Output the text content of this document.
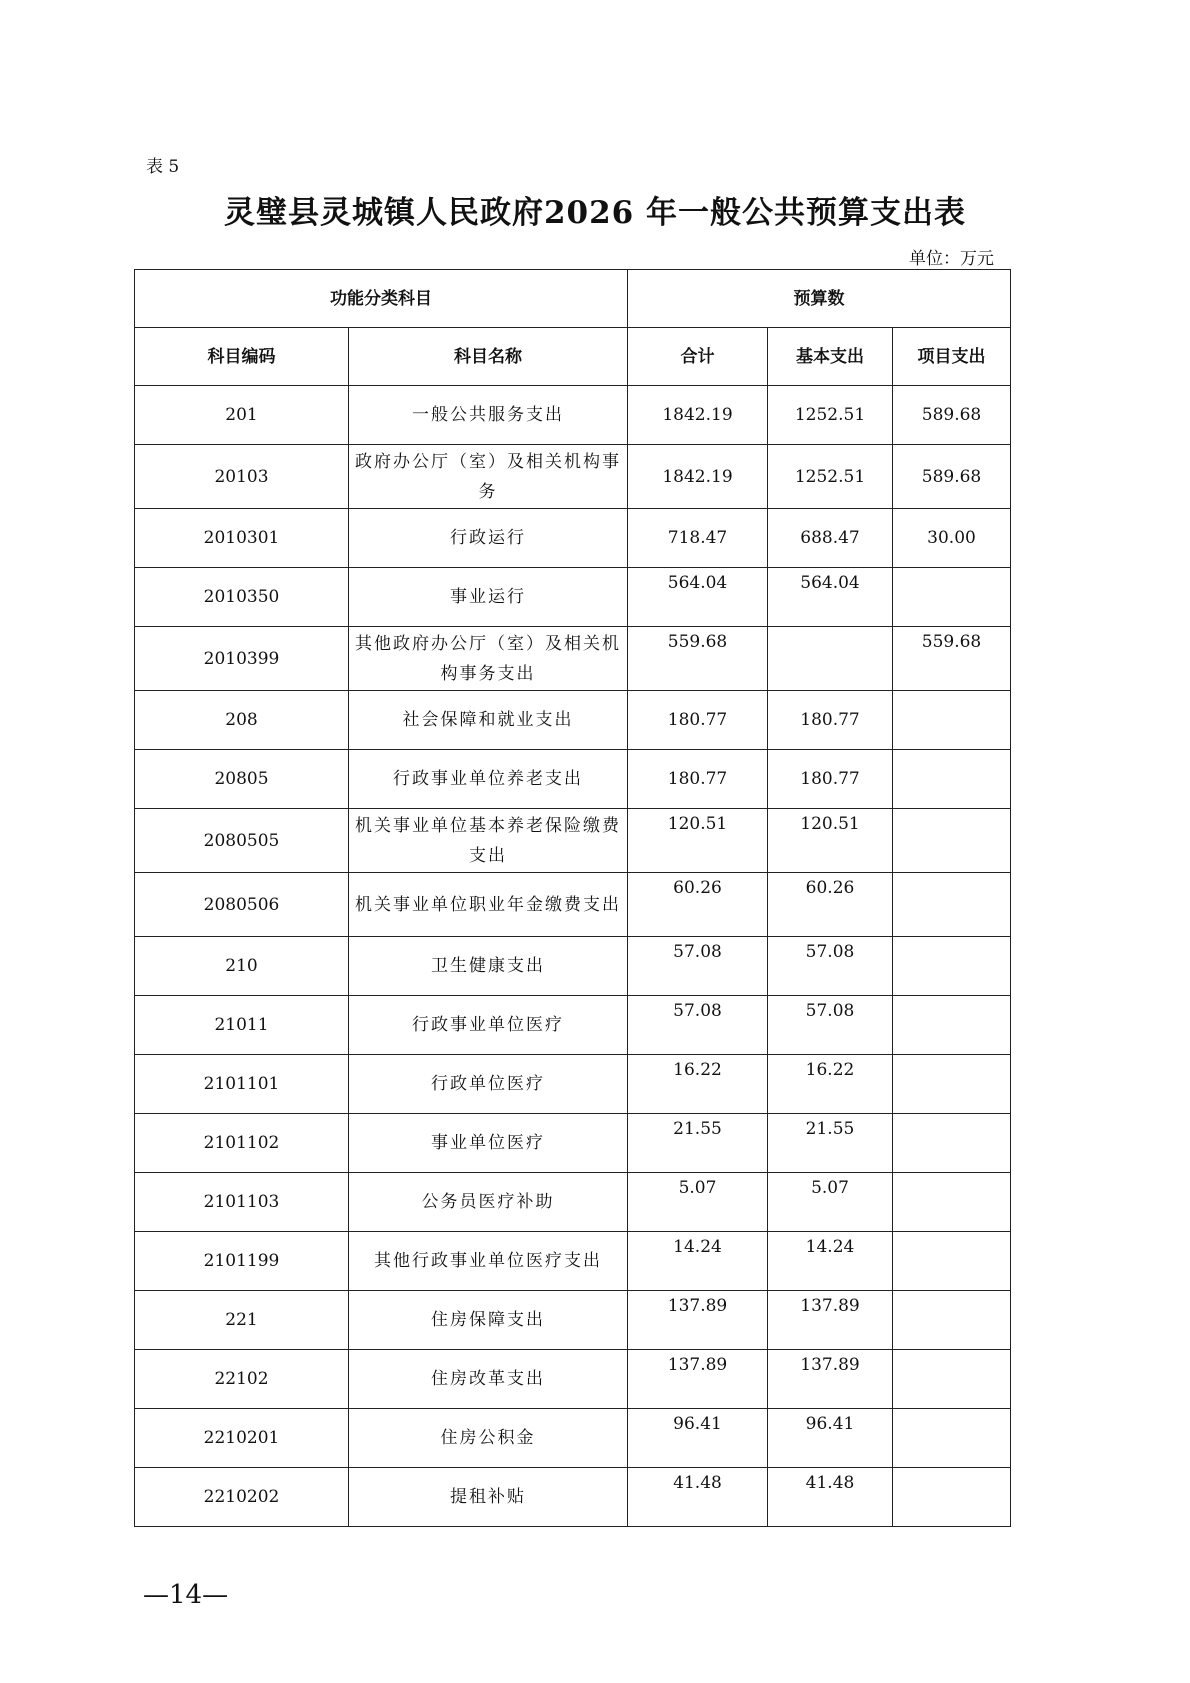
表 5
灵璧县灵城镇人民政府2026 年一般公共预算支出表
单位：万元
功能分类科目		预算数		
科目编码	科目名称	合计	基本支出	项目支出
201	一般公共服务支出	1842.19	1252.51	589.68
20103	政府办公厅（室）及相关机构事务	1842.19	1252.51	589.68
2010301	行政运行	718.47	688.47	30.00
2010350	事业运行	564.04	564.04	
2010399	其他政府办公厅（室）及相关机构事务支出	559.68		559.68
208	社会保障和就业支出	180.77	180.77	
20805	行政事业单位养老支出	180.77	180.77	
2080505	机关事业单位基本养老保险缴费支出	120.51	120.51	
2080506	机关事业单位职业年金缴费支出	60.26	60.26	
210	卫生健康支出	57.08	57.08	
21011	行政事业单位医疗	57.08	57.08	
2101101	行政单位医疗	16.22	16.22	
2101102	事业单位医疗	21.55	21.55	
2101103	公务员医疗补助	5.07	5.07	
2101199	其他行政事业单位医疗支出	14.24	14.24	
221	住房保障支出	137.89	137.89	
22102	住房改革支出	137.89	137.89	
2210201	住房公积金	96.41	96.41	
2210202	提租补贴	41.48	41.48	
—14—
